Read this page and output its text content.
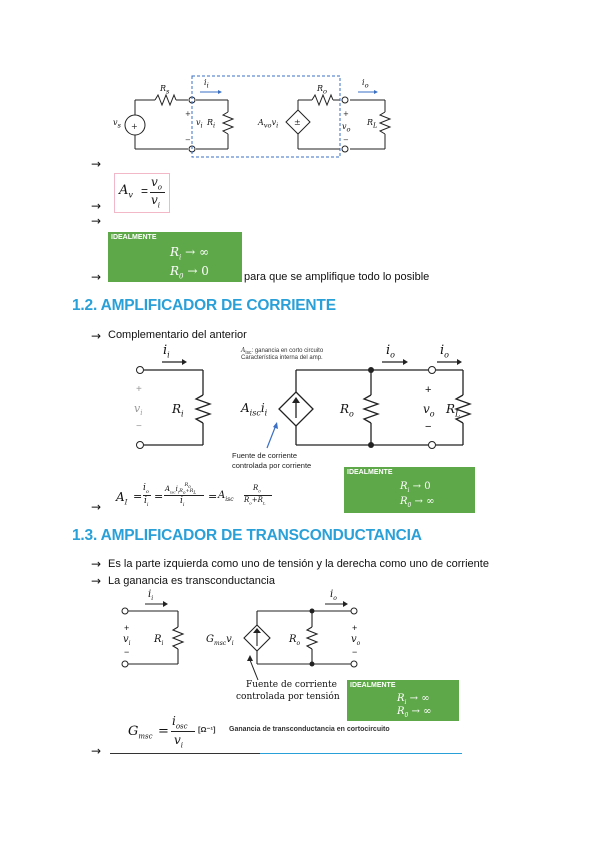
+	±
+
−
+
−
$R_s$
$v_s$
$i_i$
$v_i$ $R_i$
$R_o$
$A_{vo}v_i$
$i_o$
$v_o$
$R_L$
→
$A_v$ =
$v_o$
$v_i$
→
→
IDEALMENTE
$R_i$ → ∞
$R_0 \to 0$
→	para que se amplifique todo lo posible
1.2. AMPLIFICADOR DE CORRIENTE
→ Complementario del anterior
$A_{isc}$: ganancia en corto circuito
Característica interna del amp.
$i_i$
+
$v_i$
−
$R_i$	$A_{isc}i_i$	$R_o$
$i_o$	$i_o$
+
$v_o$
−
$R_L$
Fuente de corriente
controlada por corriente
IDEALMENTE
$R_i \to 0$
$R_0$ → ∞
→
$A_I$ =
$i_o$
$i_i$
=
$A_{isc}i_iR_o$
$R_o+R_L$
$i_i$
= $A_{isc}$
$R_0$
$R_o+R_L$
1.3. AMPLIFICADOR DE TRANSCONDUCTANCIA
→ Es la parte izquierda como uno de tensión y la derecha como uno de corriente
→ La ganancia es transconductancia
$i_i$
+
$v_i$
−
$R_i$	$G_{msc}v_i$	$R_o$
$i_o$
+
$v_o$
−
Fuente de corriente
controlada por tensión
IDEALMENTE
$R_i$ → ∞
$R_0$ → ∞
$G_{msc}$ =
$i_{osc}$
$v_i$
[Ω⁻¹] Ganancia de transconductancia en cortocircuito
→
